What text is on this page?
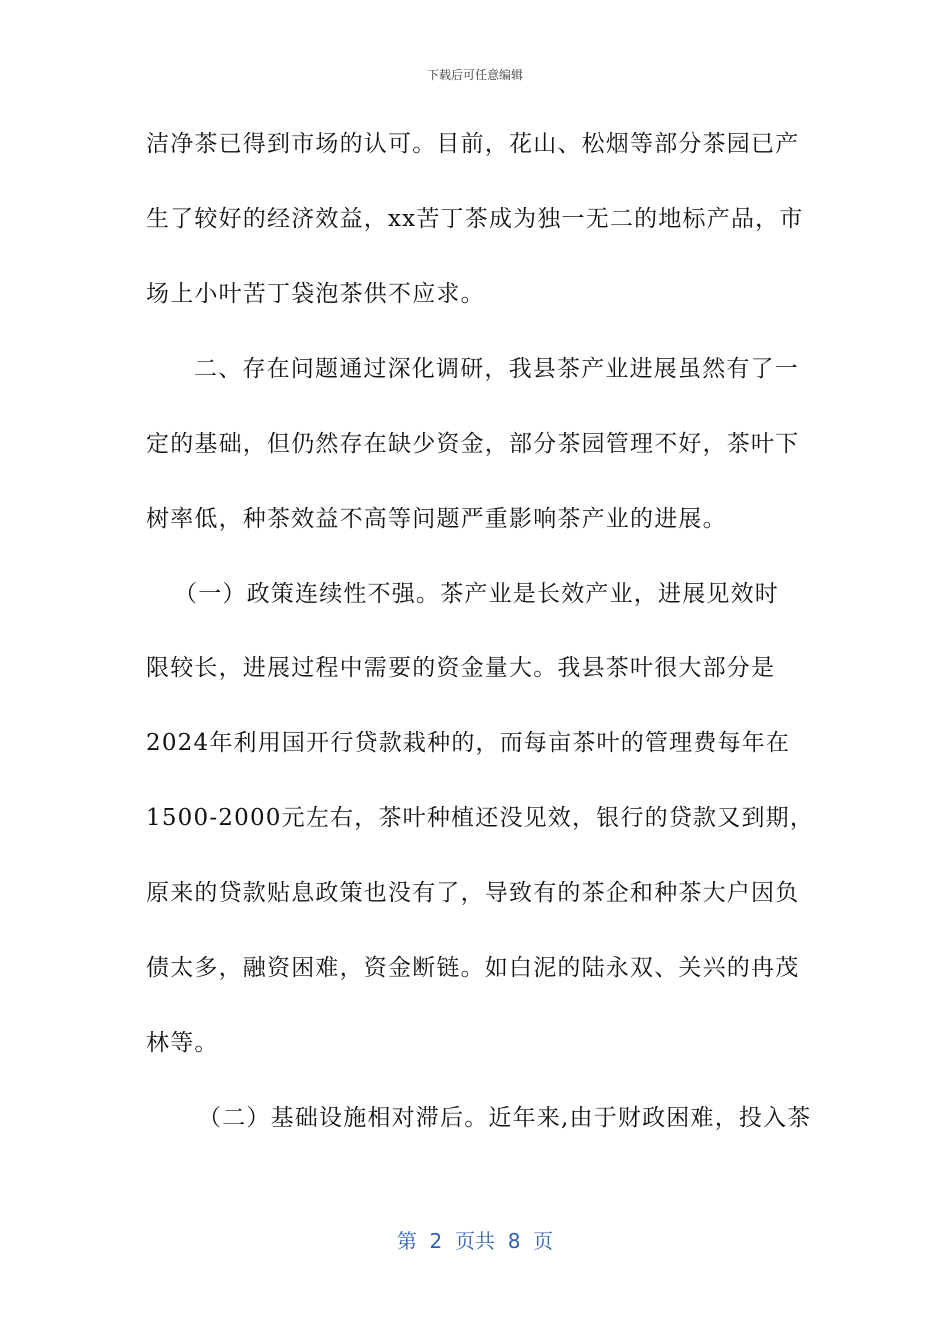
下载后可任意编辑
洁净茶已得到市场的认可。目前，花山、松烟等部分茶园已产
生了较好的经济效益，xx苦丁茶成为独一无二的地标产品，市
场上小叶苦丁袋泡茶供不应求。
二、存在问题通过深化调研，我县茶产业进展虽然有了一
定的基础，但仍然存在缺少资金，部分茶园管理不好，茶叶下
树率低，种茶效益不高等问题严重影响茶产业的进展。
（一）政策连续性不强。茶产业是长效产业，进展见效时
限较长，进展过程中需要的资金量大。我县茶叶很大部分是
2024年利用国开行贷款栽种的，而每亩茶叶的管理费每年在
1500-2000元左右，茶叶种植还没见效，银行的贷款又到期，
原来的贷款贴息政策也没有了，导致有的茶企和种茶大户因负
债太多，融资困难，资金断链。如白泥的陆永双、关兴的冉茂
林等。
（二）基础设施相对滞后。近年来,由于财政困难，投入茶
第  2  页共  8  页
